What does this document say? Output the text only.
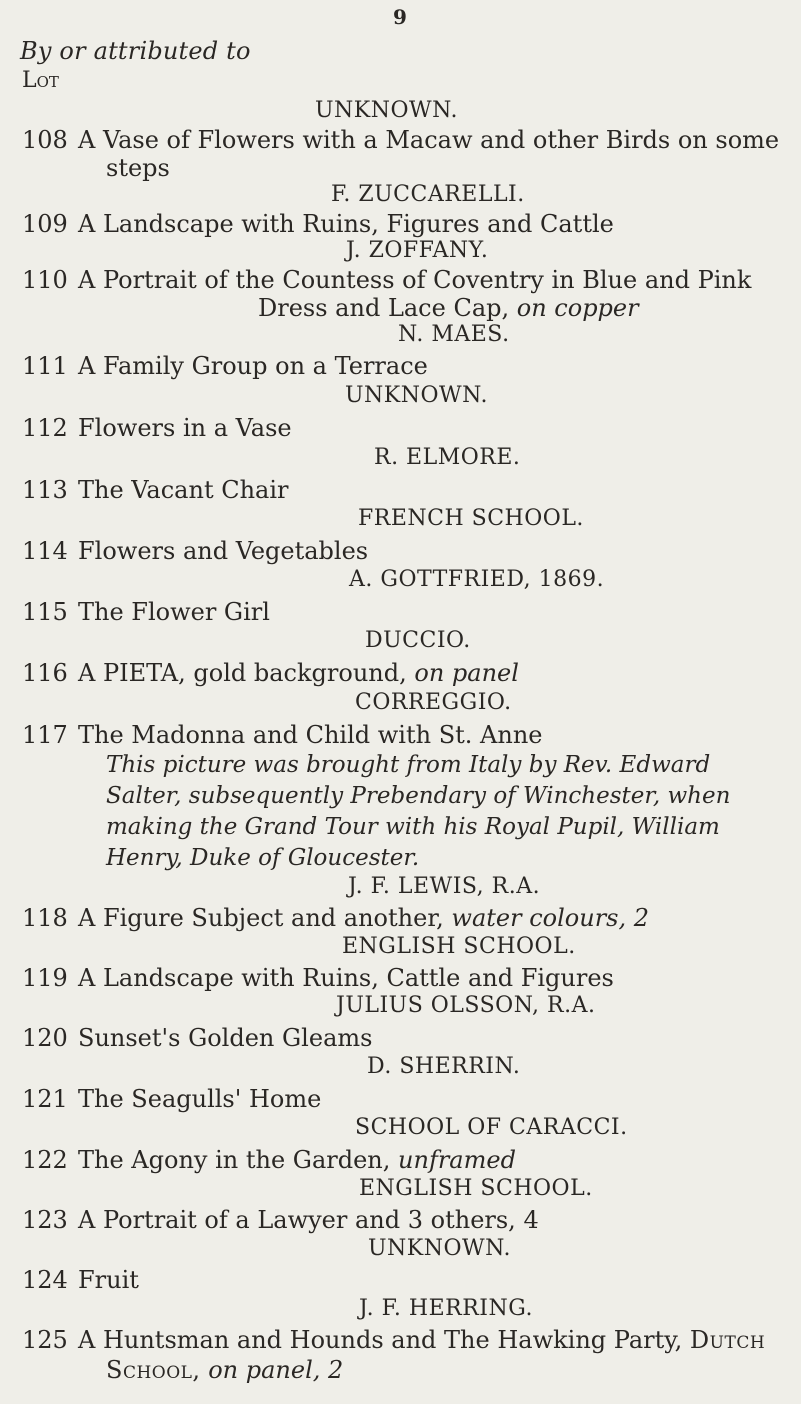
9
By or attributed to
Lot
UNKNOWN.
108 A Vase of Flowers with a Macaw and other Birds on some
steps
F. ZUCCARELLI.
109 A Landscape with Ruins, Figures and Cattle
J. ZOFFANY.
110 A Portrait of the Countess of Coventry in Blue and Pink
Dress and Lace Cap, on copper
N. MAES.
111 A Family Group on a Terrace
UNKNOWN.
112 Flowers in a Vase
R. ELMORE.
113 The Vacant Chair
FRENCH SCHOOL.
114 Flowers and Vegetables
A. GOTTFRIED, 1869.
115 The Flower Girl
DUCCIO.
116 A PIETA, gold background, on panel
CORREGGIO.
117 The Madonna and Child with St. Anne
This picture was brought from Italy by Rev. Edward
Salter, subsequently Prebendary of Winchester, when
making the Grand Tour with his Royal Pupil, William
Henry, Duke of Gloucester.
J. F. LEWIS, R.A.
118 A Figure Subject and another, water colours, 2
ENGLISH SCHOOL.
119 A Landscape with Ruins, Cattle and Figures
JULIUS OLSSON, R.A.
120 Sunset's Golden Gleams
D. SHERRIN.
121 The Seagulls' Home
SCHOOL OF CARACCI.
122 The Agony in the Garden, unframed
ENGLISH SCHOOL.
123 A Portrait of a Lawyer and 3 others, 4
UNKNOWN.
124 Fruit
J. F. HERRING.
125 A Huntsman and Hounds and The Hawking Party, Dutch
School, on panel, 2
